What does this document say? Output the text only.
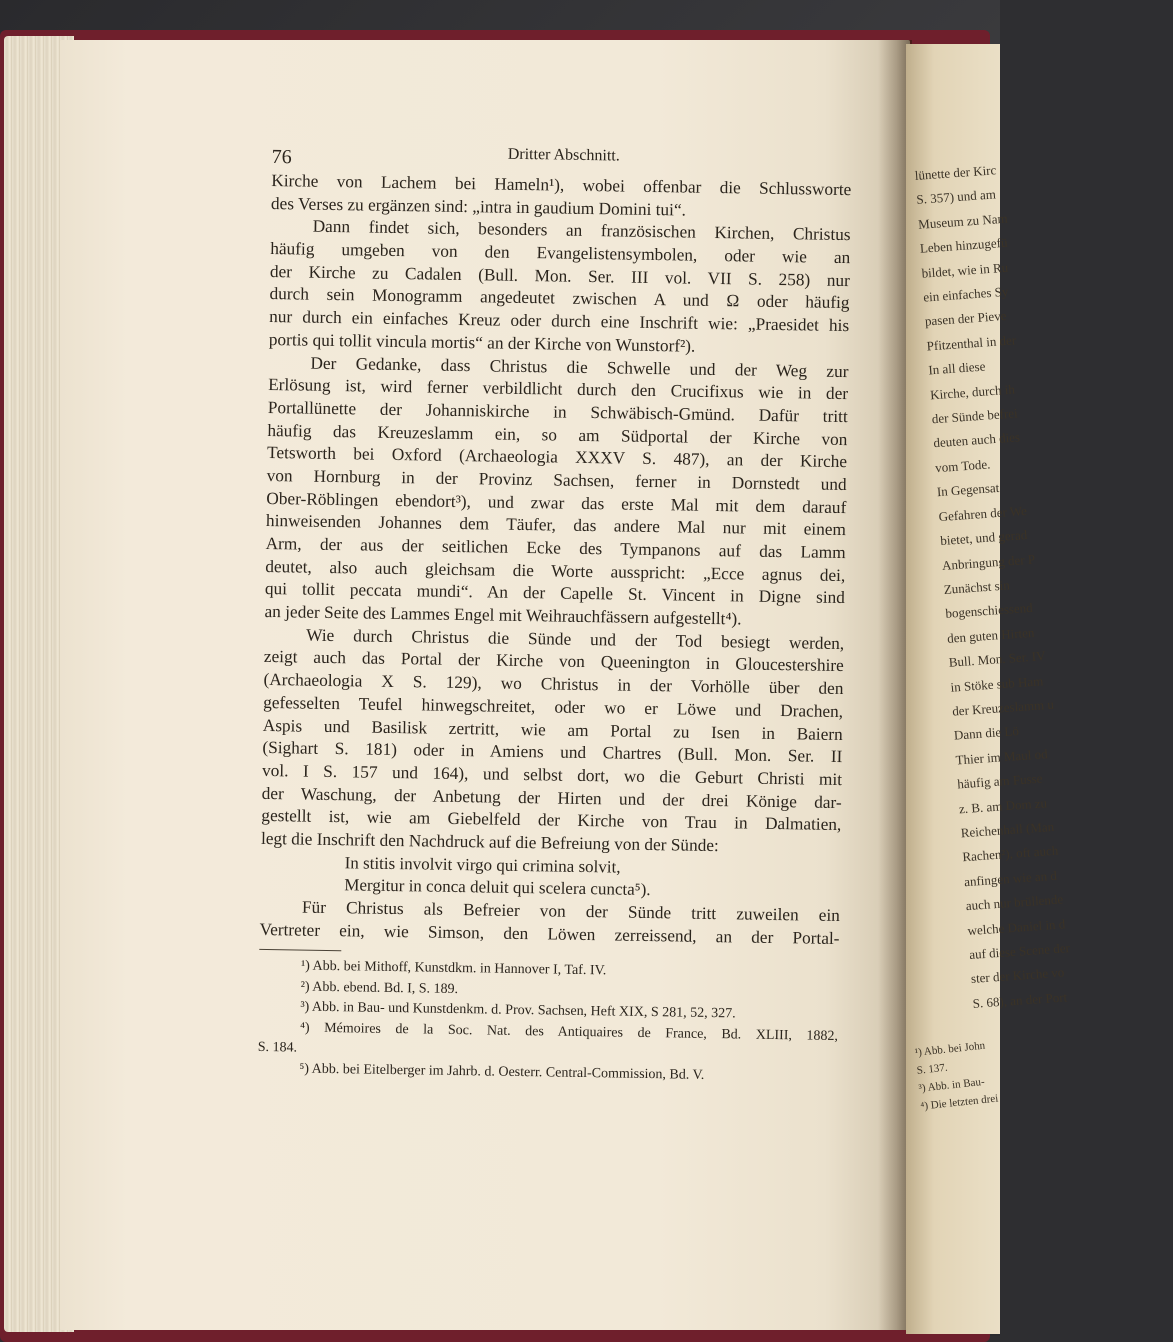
lünette der Kirc
S. 357) und am
Museum zu Nam
Leben hinzugefü
bildet, wie in Ru
ein einfaches Sy
pasen der Pieve
Pfitzenthal in der
In all diese
Kirche, durch ih
der Sünde befrei
deuten auch dies
vom Tode.
In Gegensat
Gefahren der We
bietet, und gerad
Anbringung der P
Zunächst sin
bogenschiessend
den guten Hirten
Bull. Mon. Ser. IV
in Stöke sub Ham
der Kreuzeslamm u
Dann die Lö
Thier im Maul od
häufig am Fusse
z. B. am Dom zu
Reichenhall (Man
Rachen²), oft auch
anfingen wie an d
auch nur brüllende
welche Daniel in d
auf diese Scene der
ster der Kirche vo
S. 68), an der Port
¹) Abb. bei John
S. 137.
³) Abb. in Bau-
⁴) Die letzten drei
76	Dritter Abschnitt.
Kirche von Lachem bei Hameln¹), wobei offenbar die Schlussworte
des Verses zu ergänzen sind: „intra in gaudium Domini tui“.
Dann findet sich, besonders an französischen Kirchen, Christus
häufig umgeben von den Evangelistensymbolen, oder wie an
der Kirche zu Cadalen (Bull. Mon. Ser. III vol. VII S. 258) nur
durch sein Monogramm angedeutet zwischen A und Ω oder häufig
nur durch ein einfaches Kreuz oder durch eine Inschrift wie: „Praesidet his
portis qui tollit vincula mortis“ an der Kirche von Wunstorf²).
Der Gedanke, dass Christus die Schwelle und der Weg zur
Erlösung ist, wird ferner verbildlicht durch den Crucifixus wie in der
Portallünette der Johanniskirche in Schwäbisch-Gmünd. Dafür tritt
häufig das Kreuzeslamm ein, so am Südportal der Kirche von
Tetsworth bei Oxford (Archaeologia XXXV S. 487), an der Kirche
von Hornburg in der Provinz Sachsen, ferner in Dornstedt und
Ober-Röblingen ebendort³), und zwar das erste Mal mit dem darauf
hinweisenden Johannes dem Täufer, das andere Mal nur mit einem
Arm, der aus der seitlichen Ecke des Tympanons auf das Lamm
deutet, also auch gleichsam die Worte ausspricht: „Ecce agnus dei,
qui tollit peccata mundi“. An der Capelle St. Vincent in Digne sind
an jeder Seite des Lammes Engel mit Weihrauchfässern aufgestellt⁴).
Wie durch Christus die Sünde und der Tod besiegt werden,
zeigt auch das Portal der Kirche von Queenington in Gloucestershire
(Archaeologia X S. 129), wo Christus in der Vorhölle über den
gefesselten Teufel hinwegschreitet, oder wo er Löwe und Drachen,
Aspis und Basilisk zertritt, wie am Portal zu Isen in Baiern
(Sighart S. 181) oder in Amiens und Chartres (Bull. Mon. Ser. II
vol. I S. 157 und 164), und selbst dort, wo die Geburt Christi mit
der Waschung, der Anbetung der Hirten und der drei Könige dar-
gestellt ist, wie am Giebelfeld der Kirche von Trau in Dalmatien,
legt die Inschrift den Nachdruck auf die Befreiung von der Sünde:
In stitis involvit virgo qui crimina solvit,
Mergitur in conca deluit qui scelera cuncta⁵).
Für Christus als Befreier von der Sünde tritt zuweilen ein
Vertreter ein, wie Simson, den Löwen zerreissend, an der Portal-
¹) Abb. bei Mithoff, Kunstdkm. in Hannover I, Taf. IV.
²) Abb. ebend. Bd. I, S. 189.
³) Abb. in Bau- und Kunstdenkm. d. Prov. Sachsen, Heft XIX, S 281, 52, 327.
⁴) Mémoires de la Soc. Nat. des Antiquaires de France, Bd. XLIII, 1882,
S. 184.
⁵) Abb. bei Eitelberger im Jahrb. d. Oesterr. Central-Commission, Bd. V.
